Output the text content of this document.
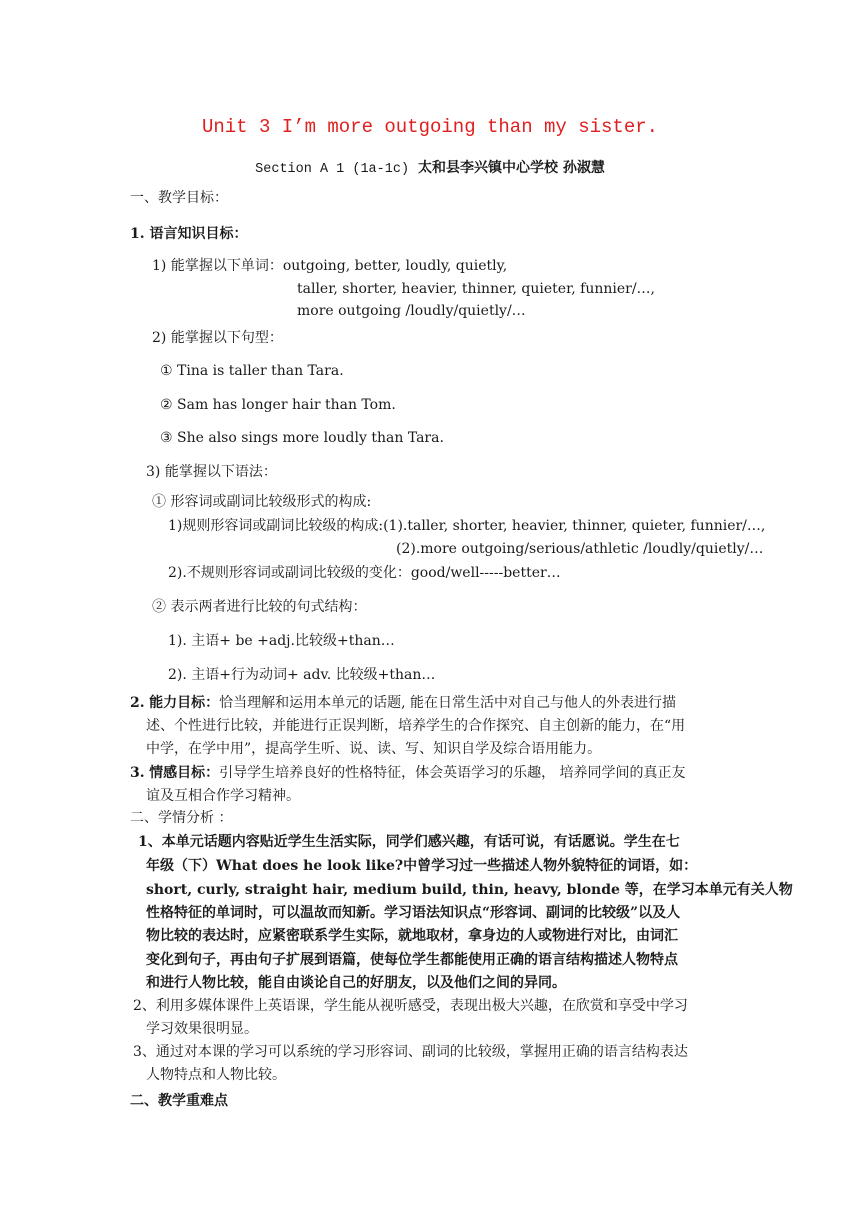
Unit 3 I’m more outgoing than my sister.
Section A 1 (1a-1c) 太和县李兴镇中心学校 孙淑慧
一、教学目标：
1. 语言知识目标：
1) 能掌握以下单词：outgoing, better, loudly, quietly,
taller, shorter, heavier, thinner, quieter, funnier/…,
more outgoing /loudly/quietly/…
2) 能掌握以下句型：
① Tina is taller than Tara.
② Sam has longer hair than Tom.
③ She also sings more loudly than Tara.
3) 能掌握以下语法：
① 形容词或副词比较级形式的构成:
1)规则形容词或副词比较级的构成:(1).taller, shorter, heavier, thinner, quieter, funnier/…,
(2).more outgoing/serious/athletic /loudly/quietly/…
2).不规则形容词或副词比较级的变化：good/well-----better…
② 表示两者进行比较的句式结构：
1). 主语+ be +adj.比较级+than…
2). 主语+行为动词+ adv. 比较级+than…
2. 能力目标：恰当理解和运用本单元的话题, 能在日常生活中对自己与他人的外表进行描
述、个性进行比较，并能进行正误判断，培养学生的合作探究、自主创新的能力，在“用
中学，在学中用”，提高学生听、说、读、写、知识自学及综合语用能力。
3. 情感目标：引导学生培养良好的性格特征，体会英语学习的乐趣， 培养同学间的真正友
谊及互相合作学习精神。
二、学情分析 ：
1、本单元话题内容贴近学生生活实际，同学们感兴趣，有话可说，有话愿说。学生在七
年级（下）What does he look like?中曾学习过一些描述人物外貌特征的词语，如：
short, curly, straight hair, medium build, thin, heavy, blonde 等，在学习本单元有关人物
性格特征的单词时，可以温故而知新。学习语法知识点“形容词、副词的比较级”以及人
物比较的表达时，应紧密联系学生实际，就地取材，拿身边的人或物进行对比，由词汇
变化到句子，再由句子扩展到语篇，使每位学生都能使用正确的语言结构描述人物特点
和进行人物比较，能自由谈论自己的好朋友，以及他们之间的异同。
2、利用多媒体课件上英语课，学生能从视听感受，表现出极大兴趣，在欣赏和享受中学习
学习效果很明显。
3、通过对本课的学习可以系统的学习形容词、副词的比较级，掌握用正确的语言结构表达
人物特点和人物比较。
二、教学重难点
